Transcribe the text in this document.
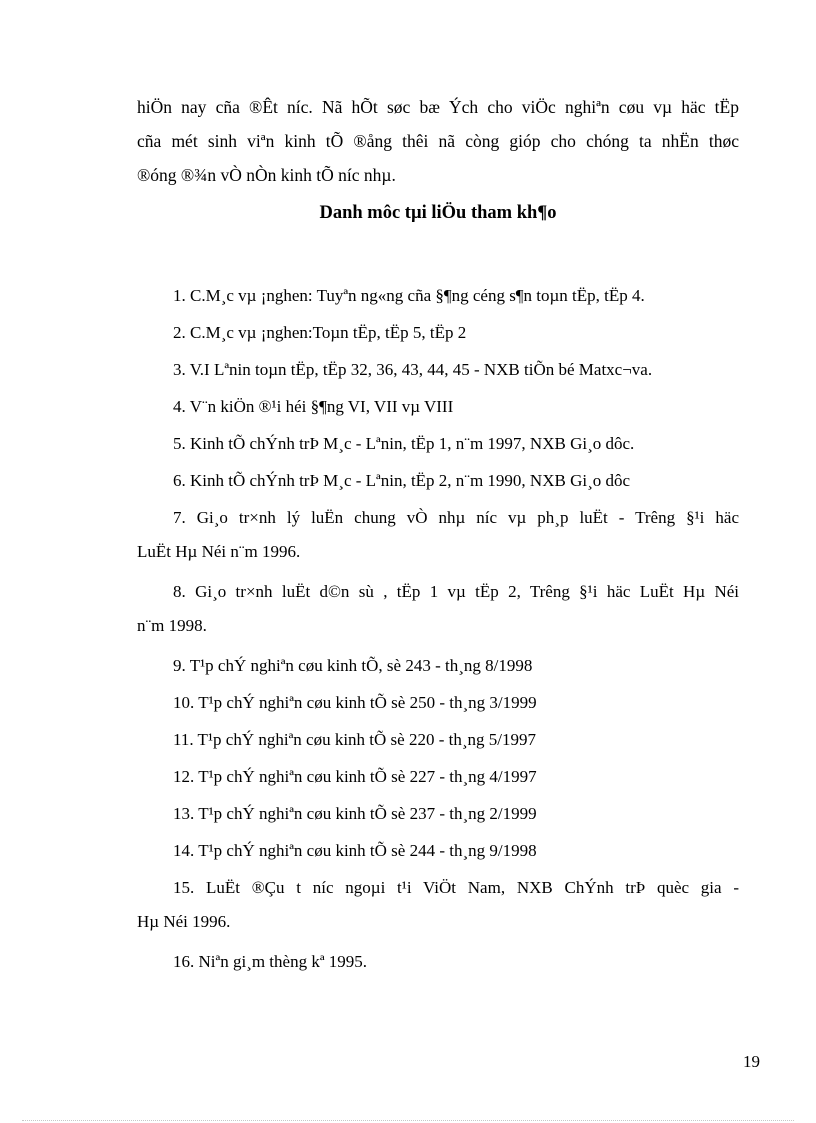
hiÖn nay cña ®Êt níc. Nã hÕt søc bæ Ých cho viÖc nghiªn cøu vµ häc tËp
cña mét sinh viªn kinh tÕ ®ång thêi nã còng gióp cho chóng ta nhËn thøc
®óng ®¾n vÒ nÒn kinh tÕ níc nhµ.
Danh môc tµi liÖu tham kh¶o
1. C.M¸c vµ ¡nghen: Tuyªn ng«ng cña §¶ng céng s¶n toµn tËp, tËp 4.
2. C.M¸c vµ ¡nghen:Toµn tËp, tËp 5, tËp 2
3. V.I Lªnin toµn tËp, tËp 32, 36, 43, 44, 45 - NXB tiÕn bé Matxc¬va.
4. V¨n kiÖn ®¹i héi §¶ng VI, VII vµ VIII
5. Kinh tÕ chÝnh trÞ M¸c - Lªnin, tËp 1, n¨m 1997, NXB Gi¸o dôc.
6. Kinh tÕ chÝnh trÞ M¸c - Lªnin, tËp 2, n¨m 1990, NXB Gi¸o dôc
7. Gi¸o tr×nh lý luËn chung vÒ nhµ níc vµ ph¸p luËt - Trêng §¹i häc
LuËt Hµ Néi n¨m 1996.
8. Gi¸o tr×nh luËt d©n sù , tËp 1 vµ tËp 2, Trêng §¹i häc LuËt Hµ Néi
n¨m 1998.
9. T¹p chÝ nghiªn cøu kinh tÕ, sè 243 - th¸ng 8/1998
10. T¹p chÝ nghiªn cøu kinh tÕ sè 250 - th¸ng 3/1999
11. T¹p chÝ nghiªn cøu kinh tÕ sè 220 - th¸ng 5/1997
12. T¹p chÝ nghiªn cøu kinh tÕ sè 227 - th¸ng 4/1997
13. T¹p chÝ nghiªn cøu kinh tÕ sè 237 - th¸ng 2/1999
14. T¹p chÝ nghiªn cøu kinh tÕ sè 244 - th¸ng 9/1998
15. LuËt ®Çu t níc ngoµi t¹i ViÖt Nam, NXB ChÝnh trÞ quèc gia -
Hµ Néi 1996.
16. Niªn gi¸m thèng kª 1995.
19
